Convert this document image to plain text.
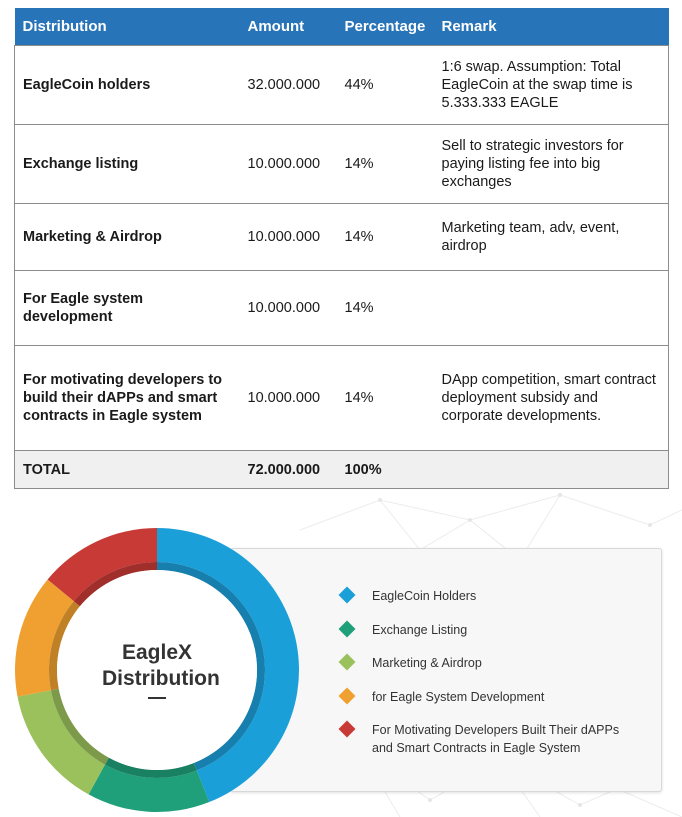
Distribution	Amount	Percentage	Remark
EagleCoin holders	32.000.000	44%	1:6 swap. Assumption: Total EagleCoin at the swap time is 5.333.333 EAGLE
Exchange listing	10.000.000	14%	Sell to strategic investors for paying listing fee into big exchanges
Marketing & Airdrop	10.000.000	14%	Marketing team, adv, event, airdrop
For Eagle system development	10.000.000	14%	
For motivating developers to build their dAPPs and smart contracts in Eagle system	10.000.000	14%	DApp competition, smart contract deployment subsidy and corporate developments.
TOTAL	72.000.000	100%	
EagleCoin Holders
Exchange Listing
Marketing & Airdrop
for Eagle System Development
For Motivating Developers Built Their dAPPs and Smart Contracts in Eagle System
EagleX Distribution
